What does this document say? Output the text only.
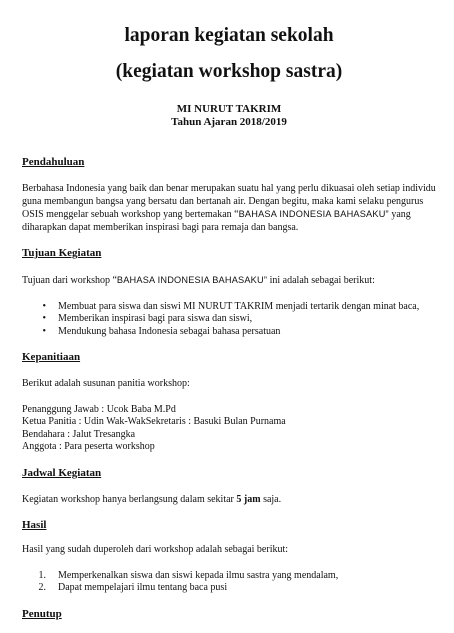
laporan kegiatan sekolah
(kegiatan workshop sastra)
MI NURUT TAKRIM
Tahun Ajaran 2018/2019
Pendahuluan

Berbahasa Indonesia yang baik dan benar merupakan suatu hal yang perlu dikuasai oleh setiap individu guna membangun bangsa yang bersatu dan bertanah air. Dengan begitu, maka kami selaku pengurus OSIS menggelar sebuah workshop yang bertemakan “BAHASA INDONESIA BAHASAKU” yang diharapkan dapat memberikan inspirasi bagi para remaja dan bangsa.

Tujuan Kegiatan

Tujuan dari workshop “BAHASA INDONESIA BAHASAKU” ini adalah sebagai berikut:

• Membuat para siswa dan siswi MI NURUT TAKRIM menjadi tertarik dengan minat baca,
• Memberikan inspirasi bagi para siswa dan siswi,
• Mendukung bahasa Indonesia sebagai bahasa persatuan
Kepanitiaan

Berikut adalah susunan panitia workshop:

Penanggung Jawab : Ucok Baba M.Pd

Ketua Panitia : Udin Wak-WakSekretaris : Basuki Bulan Purnama

Bendahara : Jalut Tresangka

Anggota : Para peserta workshop

Jadwal Kegiatan

Kegiatan workshop hanya berlangsung dalam sekitar 5 jam saja.

Hasil

Hasil yang sudah duperoleh dari workshop adalah sebagai berikut:

1. Memperkenalkan siswa dan siswi kepada ilmu sastra yang mendalam,
2. Dapat mempelajari ilmu tentang baca pusi
Penutup
